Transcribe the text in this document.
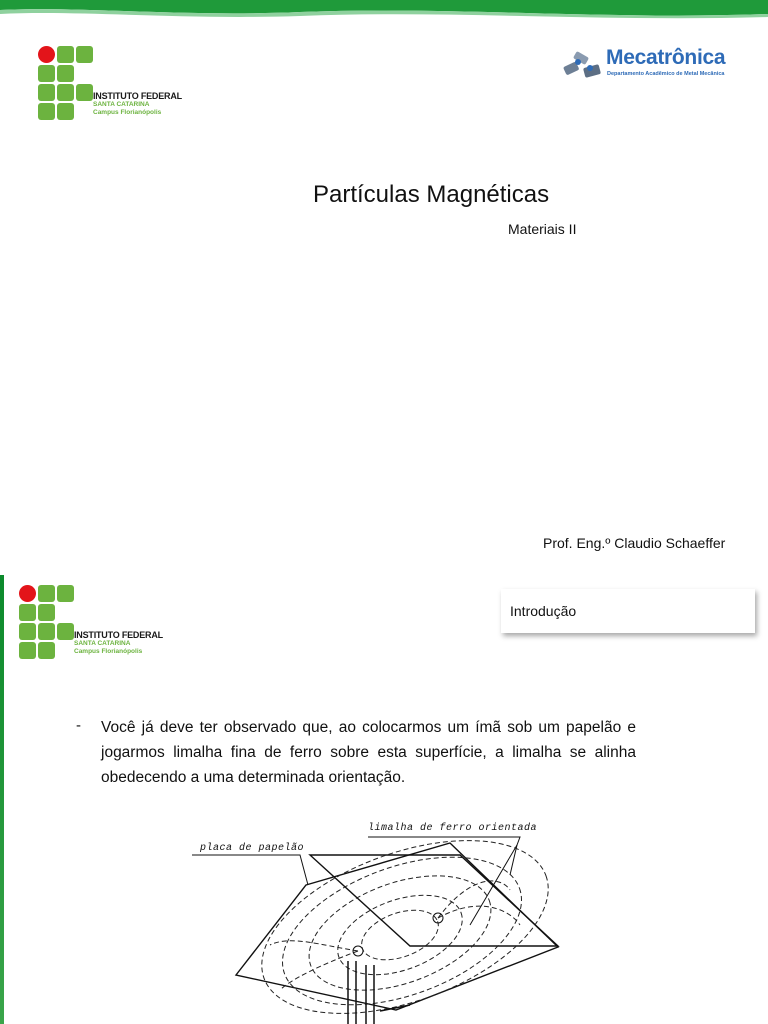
INSTITUTO FEDERAL
SANTA CATARINA
Campus Florianópolis
Mecatrônica
Departamento Acadêmico de Metal Mecânica
Partículas Magnéticas
Materiais II
Prof. Eng.º Claudio Schaeffer
INSTITUTO FEDERAL
SANTA CATARINA
Campus Florianópolis
Introdução
- Você já deve ter observado que, ao colocarmos um ímã sob um papelão e jogarmos limalha fina de ferro sobre esta superfície, a limalha se alinha obedecendo a uma determinada orientação.
placa de papelão
limalha de ferro orientada
